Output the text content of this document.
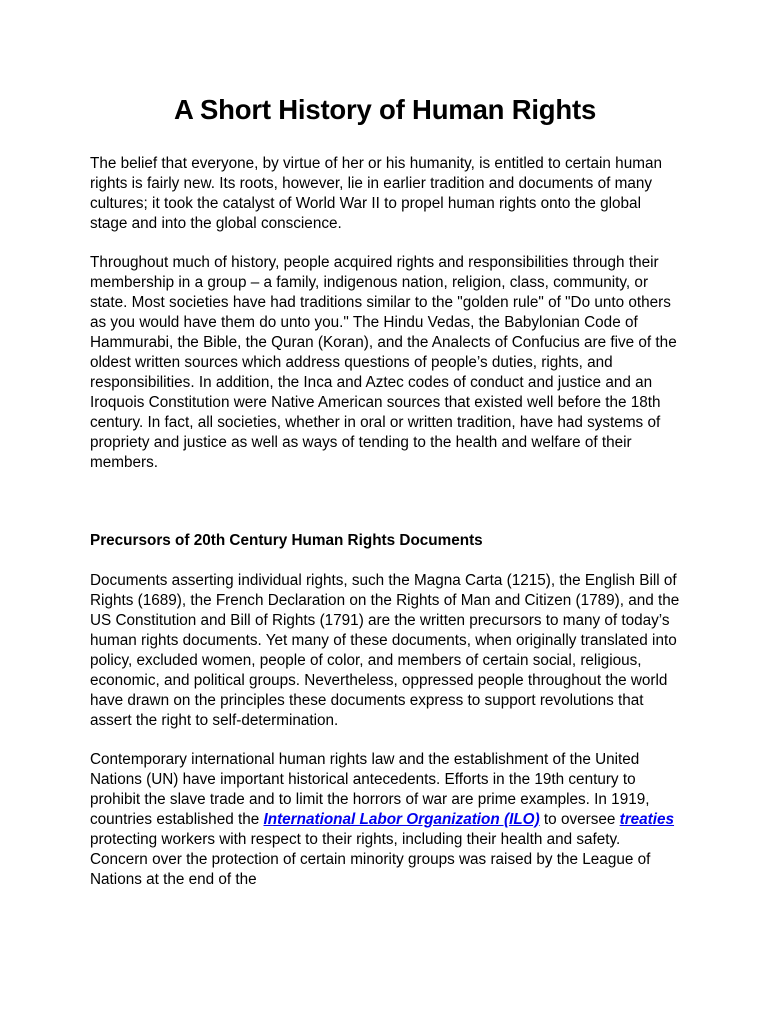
A Short History of Human Rights

The belief that everyone, by virtue of her or his humanity, is entitled to certain human rights is fairly new. Its roots, however, lie in earlier tradition and documents of many cultures; it took the catalyst of World War II to propel human rights onto the global stage and into the global conscience.

Throughout much of history, people acquired rights and responsibilities through their membership in a group – a family, indigenous nation, religion, class, community, or state. Most societies have had traditions similar to the "golden rule" of "Do unto others as you would have them do unto you." The Hindu Vedas, the Babylonian Code of Hammurabi, the Bible, the Quran (Koran), and the Analects of Confucius are five of the oldest written sources which address questions of people’s duties, rights, and responsibilities. In addition, the Inca and Aztec codes of conduct and justice and an Iroquois Constitution were Native American sources that existed well before the 18th century. In fact, all societies, whether in oral or written tradition, have had systems of propriety and justice as well as ways of tending to the health and welfare of their members.

Precursors of 20th Century Human Rights Documents

Documents asserting individual rights, such the Magna Carta (1215), the English Bill of Rights (1689), the French Declaration on the Rights of Man and Citizen (1789), and the US Constitution and Bill of Rights (1791) are the written precursors to many of today’s human rights documents. Yet many of these documents, when originally translated into policy, excluded women, people of color, and members of certain social, religious, economic, and political groups. Nevertheless, oppressed people throughout the world have drawn on the principles these documents express to support revolutions that assert the right to self-determination.

Contemporary international human rights law and the establishment of the United Nations (UN) have important historical antecedents. Efforts in the 19th century to prohibit the slave trade and to limit the horrors of war are prime examples. In 1919, countries established the International Labor Organization (ILO) to oversee treaties protecting workers with respect to their rights, including their health and safety. Concern over the protection of certain minority groups was raised by the League of Nations at the end of the
